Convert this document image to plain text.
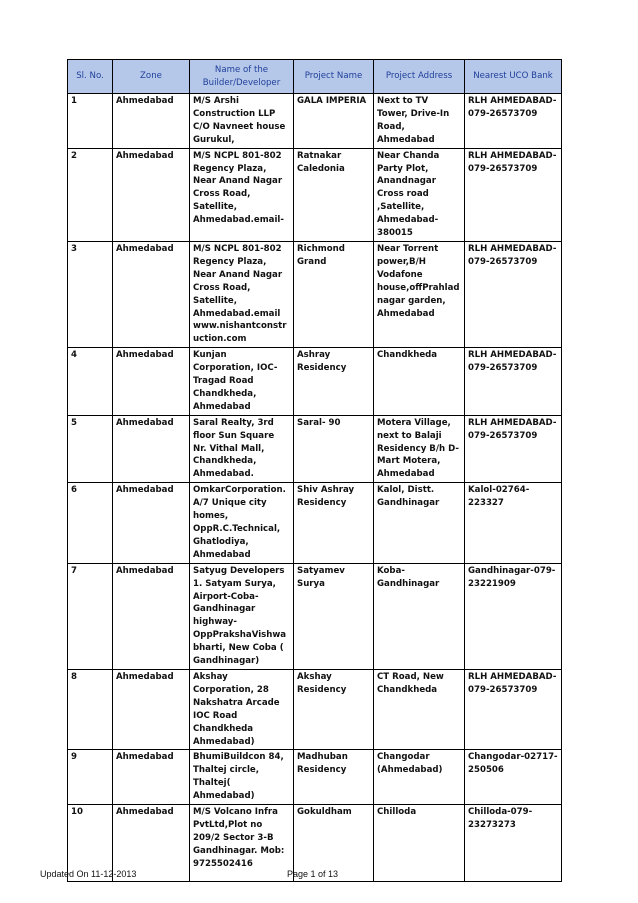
Sl. No.	Zone	Name of the Builder/Developer	Project Name	Project Address	Nearest UCO Bank
1	Ahmedabad	M/S Arshi Construction LLP C/O Navneet house Gurukul,	GALA IMPERIA	Next to TV Tower, Drive-In Road, Ahmedabad	RLH AHMEDABAD-079-26573709
2	Ahmedabad	M/S NCPL 801-802 Regency Plaza, Near Anand Nagar Cross Road, Satellite, Ahmedabad.email-	Ratnakar Caledonia	Near Chanda Party Plot, Anandnagar Cross road ,Satellite, Ahmedabad-380015	RLH AHMEDABAD-079-26573709
3	Ahmedabad	M/S NCPL 801-802 Regency Plaza, Near Anand Nagar Cross Road, Satellite, Ahmedabad.email www.nishantconstruction.com	Richmond Grand	Near Torrent power,B/H Vodafone house,offPrahladnagar garden, Ahmedabad	RLH AHMEDABAD-079-26573709
4	Ahmedabad	Kunjan Corporation, IOC- Tragad Road Chandkheda, Ahmedabad	Ashray Residency	Chandkheda	RLH AHMEDABAD-079-26573709
5	Ahmedabad	Saral Realty, 3rd floor Sun Square Nr. Vithal Mall, Chandkheda, Ahmedabad.	Saral- 90	Motera Village, next to Balaji Residency B/h D-Mart Motera, Ahmedabad	RLH AHMEDABAD-079-26573709
6	Ahmedabad	OmkarCorporation.A/7 Unique city homes, OppR.C.Technical, Ghatlodiya, Ahmedabad	Shiv Ashray Residency	Kalol, Distt. Gandhinagar	Kalol-02764-223327
7	Ahmedabad	Satyug Developers 1. Satyam Surya, Airport-Coba-Gandhinagar highway-OppPrakshaVishwabharti, New Coba ( Gandhinagar)	Satyamev Surya	Koba- Gandhinagar	Gandhinagar-079-23221909
8	Ahmedabad	Akshay Corporation, 28 Nakshatra Arcade IOC Road Chandkheda Ahmedabad)	Akshay Residency	CT Road, New Chandkheda	RLH AHMEDABAD-079-26573709
9	Ahmedabad	BhumiBuildcon 84, Thaltej circle, Thaltej( Ahmedabad)	Madhuban Residency	Changodar (Ahmedabad)	Changodar-02717-250506
10	Ahmedabad	M/S Volcano Infra PvtLtd,Plot no 209/2 Sector 3-B Gandhinagar. Mob: 9725502416	Gokuldham	Chilloda	Chilloda-079-23273273
Updated On 11-12-2013	Page 1 of 13
